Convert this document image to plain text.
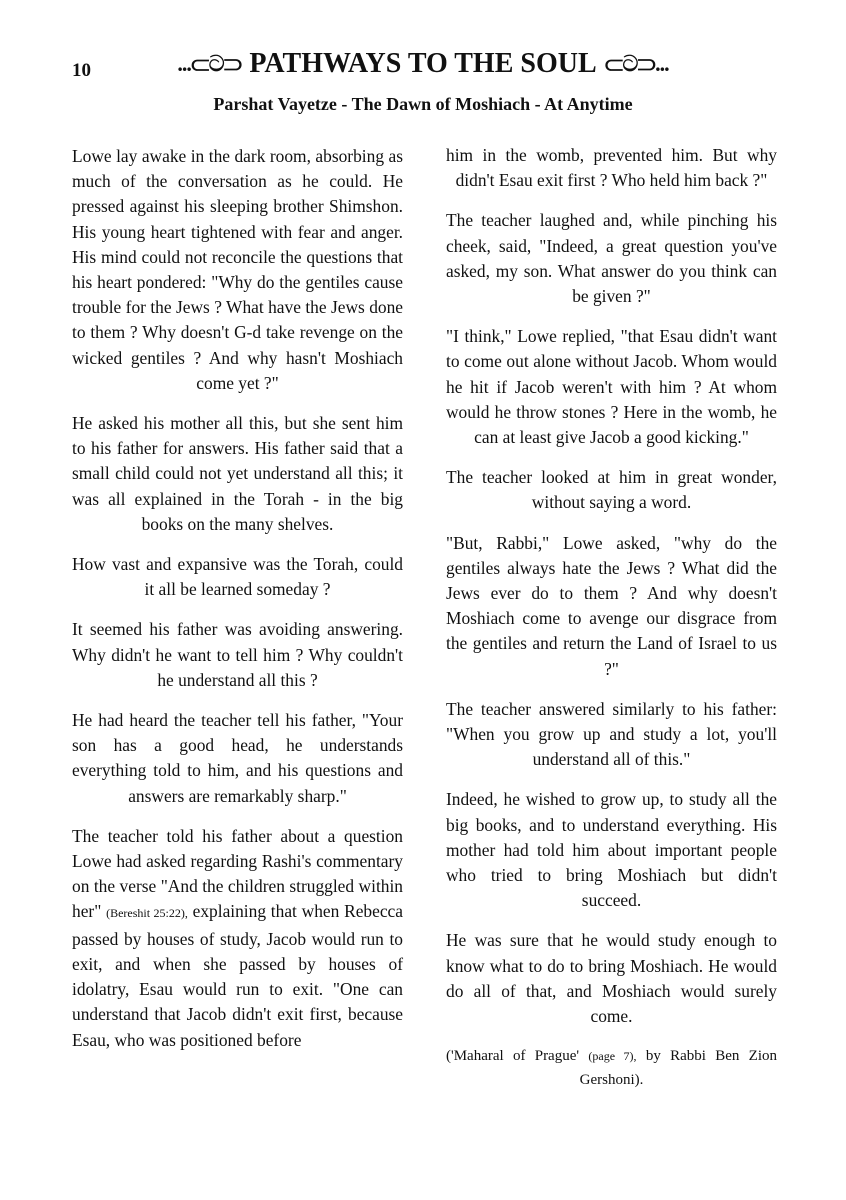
10	...⸦ට⸧ PATHWAYS TO THE SOUL ⸦ට⸧...
Parshat Vayetze - The Dawn of Moshiach - At Anytime

Lowe lay awake in the dark room, absorbing as much of the conversation as he could. He pressed against his sleeping brother Shimshon. His young heart tightened with fear and anger. His mind could not reconcile the questions that his heart pondered: "Why do the gentiles cause trouble for the Jews ? What have the Jews done to them ? Why doesn't G-d take revenge on the wicked gentiles ? And why hasn't Moshiach come yet ?"

He asked his mother all this, but she sent him to his father for answers. His father said that a small child could not yet understand all this; it was all explained in the Torah - in the big books on the many shelves.

How vast and expansive was the Torah, could it all be learned someday ?

It seemed his father was avoiding answering. Why didn't he want to tell him ? Why couldn't he understand all this ?

He had heard the teacher tell his father, "Your son has a good head, he understands everything told to him, and his questions and answers are remarkably sharp."

The teacher told his father about a question Lowe had asked regarding Rashi's commentary on the verse "And the children struggled within her" (Bereshit 25:22), explaining that when Rebecca passed by houses of study, Jacob would run to exit, and when she passed by houses of idolatry, Esau would run to exit. "One can understand that Jacob didn't exit first, because Esau, who was positioned before

him in the womb, prevented him. But why didn't Esau exit first ? Who held him back ?"

The teacher laughed and, while pinching his cheek, said, "Indeed, a great question you've asked, my son. What answer do you think can be given ?"

"I think," Lowe replied, "that Esau didn't want to come out alone without Jacob. Whom would he hit if Jacob weren't with him ? At whom would he throw stones ? Here in the womb, he can at least give Jacob a good kicking."

The teacher looked at him in great wonder, without saying a word.

"But, Rabbi," Lowe asked, "why do the gentiles always hate the Jews ? What did the Jews ever do to them ? And why doesn't Moshiach come to avenge our disgrace from the gentiles and return the Land of Israel to us ?"

The teacher answered similarly to his father: "When you grow up and study a lot, you'll understand all of this."

Indeed, he wished to grow up, to study all the big books, and to understand everything. His mother had told him about important people who tried to bring Moshiach but didn't succeed.

He was sure that he would study enough to know what to do to bring Moshiach. He would do all of that, and Moshiach would surely come.

('Maharal of Prague' (page 7), by Rabbi Ben Zion Gershoni).
